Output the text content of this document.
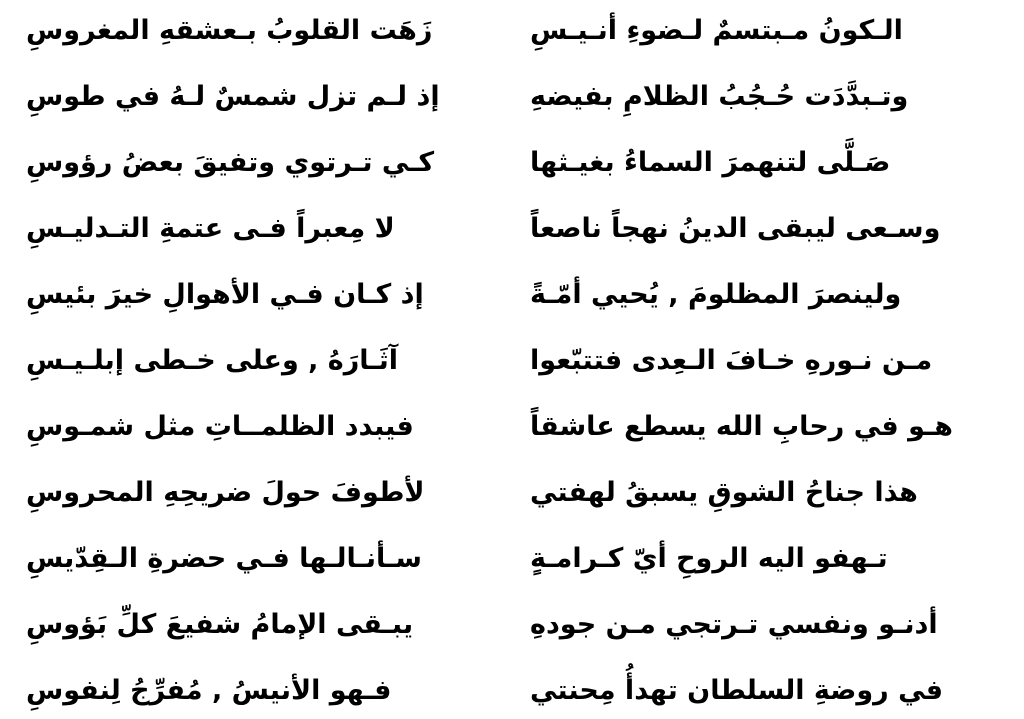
الـكونُ مـبتسمٌ لـضوءِ أنـيـسِ
وتـبدَّدَت حُـجُبُ الظلامِ بفيضهِ
صَـلَّى لتنهمرَ السماءُ بغيـثها
وسـعى ليبقى الدينُ نهجاً ناصعاً
ولينصرَ المظلومَ , يُحيي أمّـةً
مـن نـورهِ خـافَ الـعِدى فتتبّعوا
هـو في رحابِ الله يسطع عاشقاً
هذا جناحُ الشوقِ يسبقُ لهفتي
تـهفو اليه الروحِ أيّ كـرامـةٍ
أدنـو ونفسي تـرتجي مـن جودهِ
في روضةِ السلطان تهدأُ مِحنتي
زَهَت القلوبُ بـعشقهِ المغروسِ
إذ لـم تزل شمسٌ لـهُ في طوسِ
كـي تـرتوي وتفيقَ بعضُ رؤوسِ
لا مِعبراً فـى عتمةِ التـدليـسِ
إذ كـان فـي الأهوالِ خيرَ بئيسِ
آثَـارَهُ , وعلى خـطى إبلـيـسِ
فيبدد الظلمــاتِ مثل شمـوسِ
لأطوفَ حولَ ضريحِهِ المحروسِ
سـأنـالـها فـي حضرةِ الـقِدّيسِ
يبـقى الإمامُ شفيعَ كلِّ بَؤوسِ
فـهو الأنيسُ , مُفرِّجُ لِنفوسِ
